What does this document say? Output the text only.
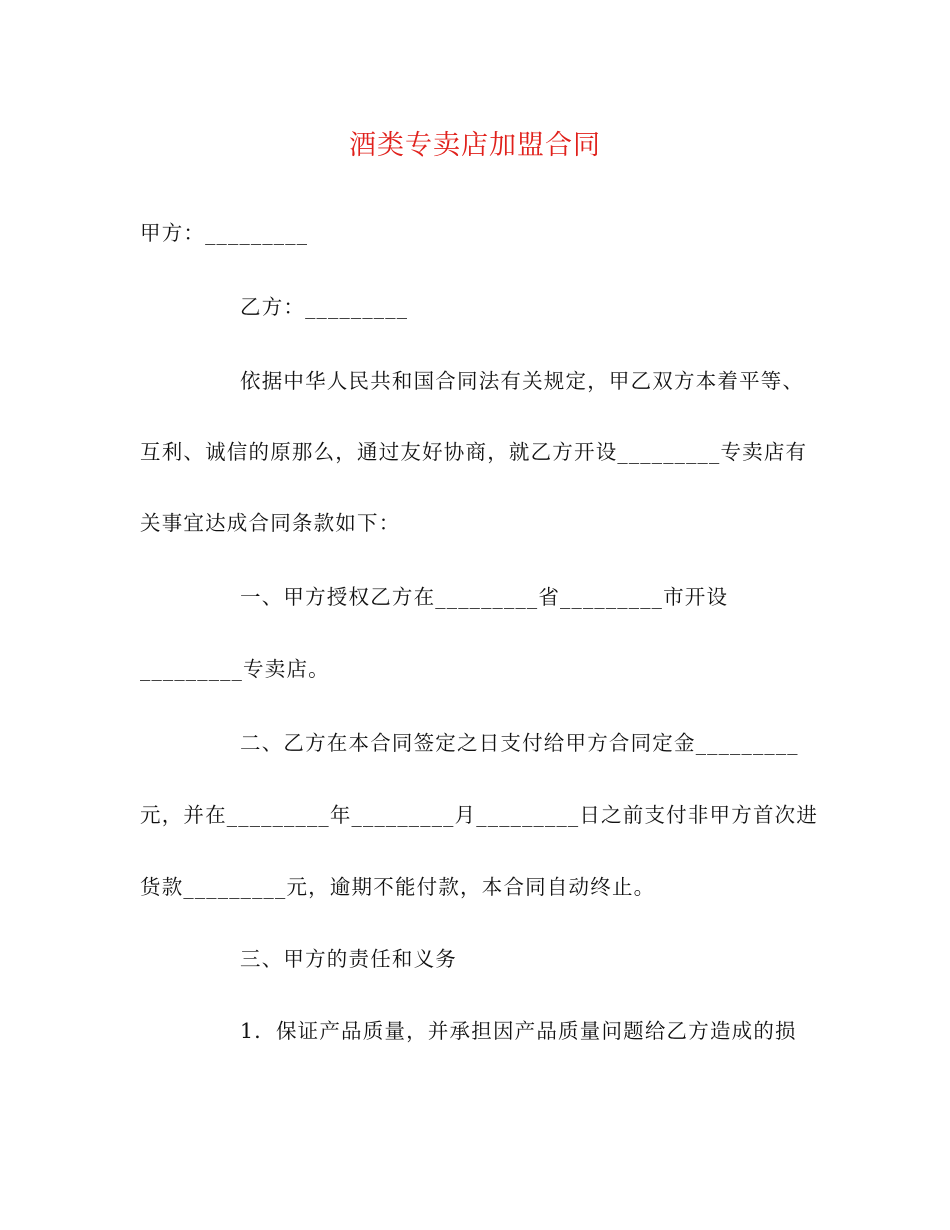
酒类专卖店加盟合同
甲方：_________
乙方：_________
依据中华人民共和国合同法有关规定，甲乙双方本着平等、
互利、诚信的原那么，通过友好协商，就乙方开设_________专卖店有
关事宜达成合同条款如下：
一、甲方授权乙方在_________省_________市开设
_________专卖店。
二、乙方在本合同签定之日支付给甲方合同定金_________
元，并在_________年_________月_________日之前支付非甲方首次进
货款_________元，逾期不能付款，本合同自动终止。
三、甲方的责任和义务
1．保证产品质量，并承担因产品质量问题给乙方造成的损
